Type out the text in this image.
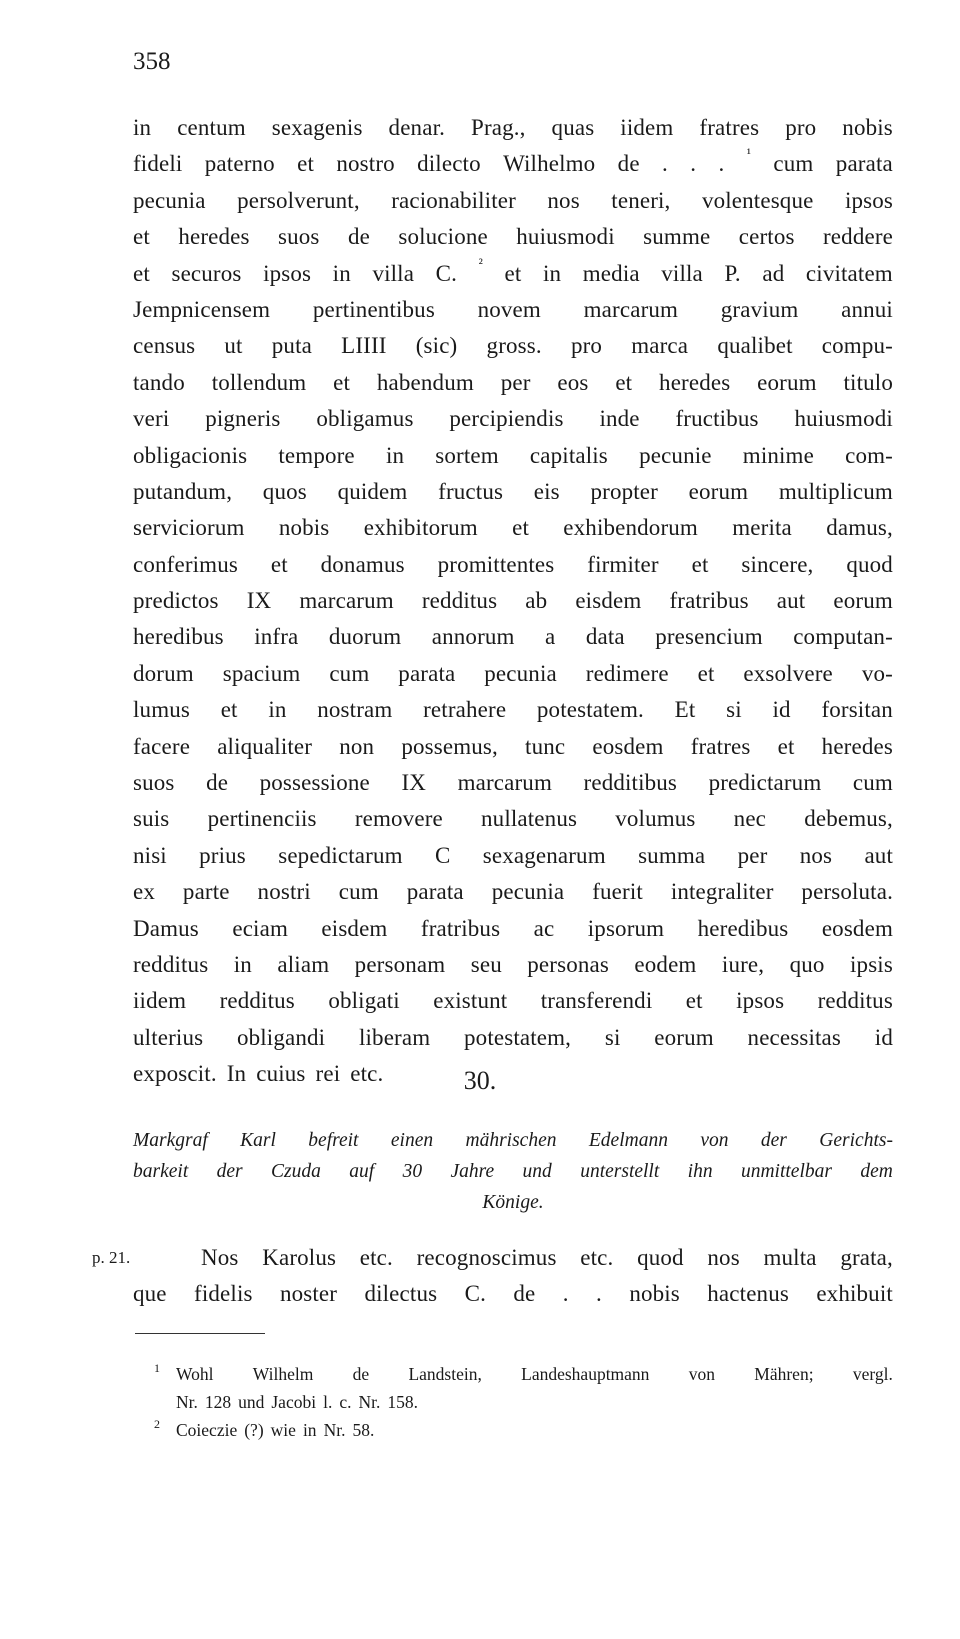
358
in centum sexagenis denar. Prag., quas iidem fratres pro nobis
fideli paterno et nostro dilecto Wilhelmo de . . . ¹ cum parata
pecunia persolverunt, racionabiliter nos teneri, volentesque ipsos
et heredes suos de solucione huiusmodi summe certos reddere
et securos ipsos in villa C. ² et in media villa P. ad civitatem
Jempnicensem pertinentibus novem marcarum gravium annui
census ut puta LIIII (sic) gross. pro marca qualibet compu-
tando tollendum et habendum per eos et heredes eorum titulo
veri pigneris obligamus percipiendis inde fructibus huiusmodi
obligacionis tempore in sortem capitalis pecunie minime com-
putandum, quos quidem fructus eis propter eorum multiplicum
serviciorum nobis exhibitorum et exhibendorum merita damus,
conferimus et donamus promittentes firmiter et sincere, quod
predictos IX marcarum redditus ab eisdem fratribus aut eorum
heredibus infra duorum annorum a data presencium computan-
dorum spacium cum parata pecunia redimere et exsolvere vo-
lumus et in nostram retrahere potestatem. Et si id forsitan
facere aliqualiter non possemus, tunc eosdem fratres et heredes
suos de possessione IX marcarum redditibus predictarum cum
suis pertinenciis removere nullatenus volumus nec debemus,
nisi prius sepedictarum C sexagenarum summa per nos aut
ex parte nostri cum parata pecunia fuerit integraliter persoluta.
Damus eciam eisdem fratribus ac ipsorum heredibus eosdem
redditus in aliam personam seu personas eodem iure, quo ipsis
iidem redditus obligati existunt transferendi et ipsos redditus
ulterius obligandi liberam potestatem, si eorum necessitas id
exposcit. In cuius rei etc.	30.
Markgraf Karl befreit einen mährischen Edelmann von der Gerichts-
barkeit der Czuda auf 30 Jahre und unterstellt ihn unmittelbar dem
Könige.
p. 21.	Nos Karolus etc. recognoscimus etc. quod nos multa grata,
que fidelis noster dilectus C. de . . nobis hactenus exhibuit
1 Wohl Wilhelm de Landstein, Landeshauptmann von Mähren; vergl.
Nr. 128 und Jacobi l. c. Nr. 158.
2 Coieczie (?) wie in Nr. 58.
